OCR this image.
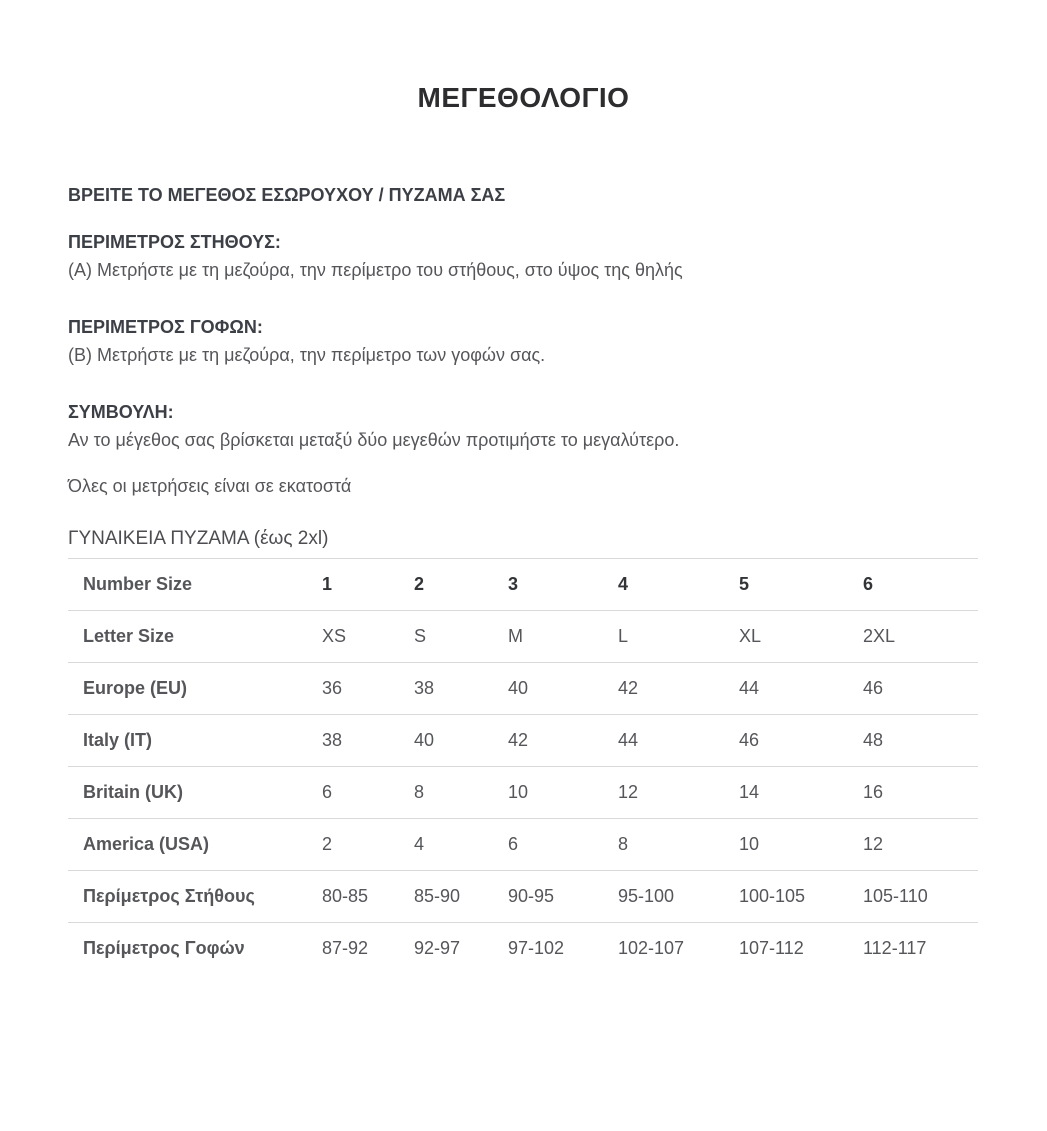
ΜΕΓΕΘΟΛΟΓΙΟ

ΒΡΕΙΤΕ ΤΟ ΜΕΓΕΘΟΣ ΕΣΩΡΟΥΧΟΥ / ΠΥΖΑΜΑ ΣΑΣ

ΠΕΡΙΜΕΤΡΟΣ ΣΤΗΘΟΥΣ:

(A) Μετρήστε με τη μεζούρα, την περίμετρο του στήθους, στο ύψος της θηλής

ΠΕΡΙΜΕΤΡΟΣ ΓΟΦΩΝ:

(B) Μετρήστε με τη μεζούρα, την περίμετρο των γοφών σας.

ΣΥΜΒΟΥΛΗ:

Αν το μέγεθος σας βρίσκεται μεταξύ δύο μεγεθών προτιμήστε το μεγαλύτερο.

Όλες οι μετρήσεις είναι σε εκατοστά

ΓΥΝΑΙΚΕΙΑ ΠΥΖΑΜΑ (έως 2xl)

Number Size	1	2	3	4	5	6
Letter Size	XS	S	M	L	XL	2XL
Europe (EU)	36	38	40	42	44	46
Italy (IT)	38	40	42	44	46	48
Britain (UK)	6	8	10	12	14	16
America (USA)	2	4	6	8	10	12
Περίμετρος Στήθους	80-85	85-90	90-95	95-100	100-105	105-110
Περίμετρος Γοφών	87-92	92-97	97-102	102-107	107-112	112-117
